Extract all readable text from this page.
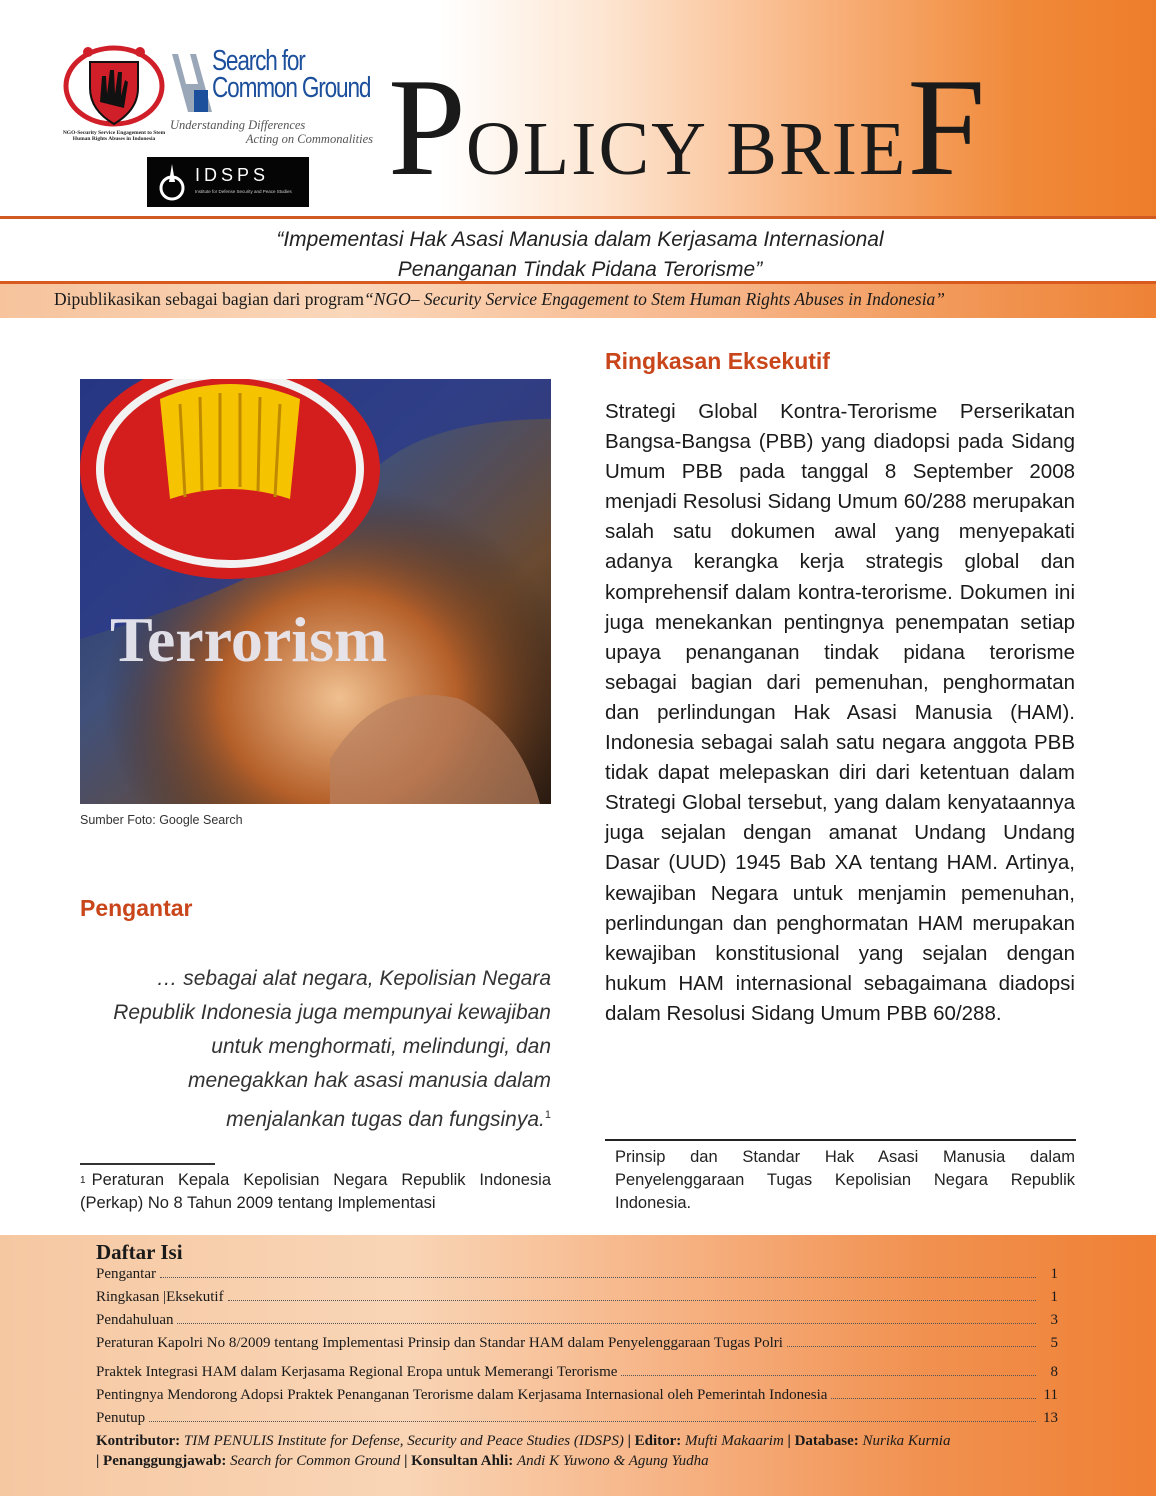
NGO-Security Service Engagement to Stem Human Rights Abuses in Indonesia
Search for
Common Ground
Understanding Differences
Acting on Commonalities
IDSPS
Institute for Defense Security and Peace Studies POLICY BRIEF
“Impementasi Hak Asasi Manusia dalam Kerjasama Internasional
Penanganan Tindak Pidana Terorisme”
Dipublikasikan sebagai bagian dari program“NGO– Security Service Engagement to Stem Human Rights Abuses in Indonesia”
Terrorism
Sumber Foto: Google Search
Pengantar
… sebagai alat negara, Kepolisian Negara Republik Indonesia juga mempunyai kewajiban untuk menghormati, melindungi, dan menegakkan hak asasi manusia dalam menjalankan tugas dan fungsinya.$^1$
$^1$ Peraturan Kepala Kepolisian Negara Republik Indonesia (Perkap) No 8 Tahun 2009 tentang Implementasi
Ringkasan Eksekutif
Strategi Global Kontra-Terorisme Perserikatan Bangsa-Bangsa (PBB) yang diadopsi pada Sidang Umum PBB pada tanggal 8 September 2008 menjadi Resolusi Sidang Umum 60/288 merupakan salah satu dokumen awal yang menyepakati adanya kerangka kerja strategis global dan komprehensif dalam kontra-terorisme. Dokumen ini juga menekankan pentingnya penempatan setiap upaya penanganan tindak pidana terorisme sebagai bagian dari pemenuhan, penghormatan dan perlindungan Hak Asasi Manusia (HAM). Indonesia sebagai salah satu negara anggota PBB tidak dapat melepaskan diri dari ketentuan dalam Strategi Global tersebut, yang dalam kenyataannya juga sejalan dengan amanat Undang Undang Dasar (UUD) 1945 Bab XA tentang HAM. Artinya, kewajiban Negara untuk menjamin pemenuhan, perlindungan dan penghormatan HAM merupakan kewajiban konstitusional yang sejalan dengan hukum HAM internasional sebagaimana diadopsi dalam Resolusi Sidang Umum PBB 60/288.
Prinsip dan Standar Hak Asasi Manusia dalam Penyelenggaraan Tugas Kepolisian Negara Republik Indonesia.
Daftar Isi
Pengantar	1
Ringkasan |Eksekutif	1
Pendahuluan	3
Peraturan Kapolri No 8/2009 tentang Implementasi Prinsip dan Standar HAM dalam Penyelenggaraan Tugas Polri	5
Praktek Integrasi HAM dalam Kerjasama Regional Eropa untuk Memerangi Terorisme	8
Pentingnya Mendorong Adopsi Praktek Penanganan Terorisme dalam Kerjasama Internasional oleh Pemerintah Indonesia	11
Penutup	13
Kontributor: TIM PENULIS Institute for Defense, Security and Peace Studies (IDSPS) | Editor: Mufti Makaarim | Database: Nurika Kurnia
| Penanggungjawab: Search for Common Ground | Konsultan Ahli: Andi K Yuwono & Agung Yudha
